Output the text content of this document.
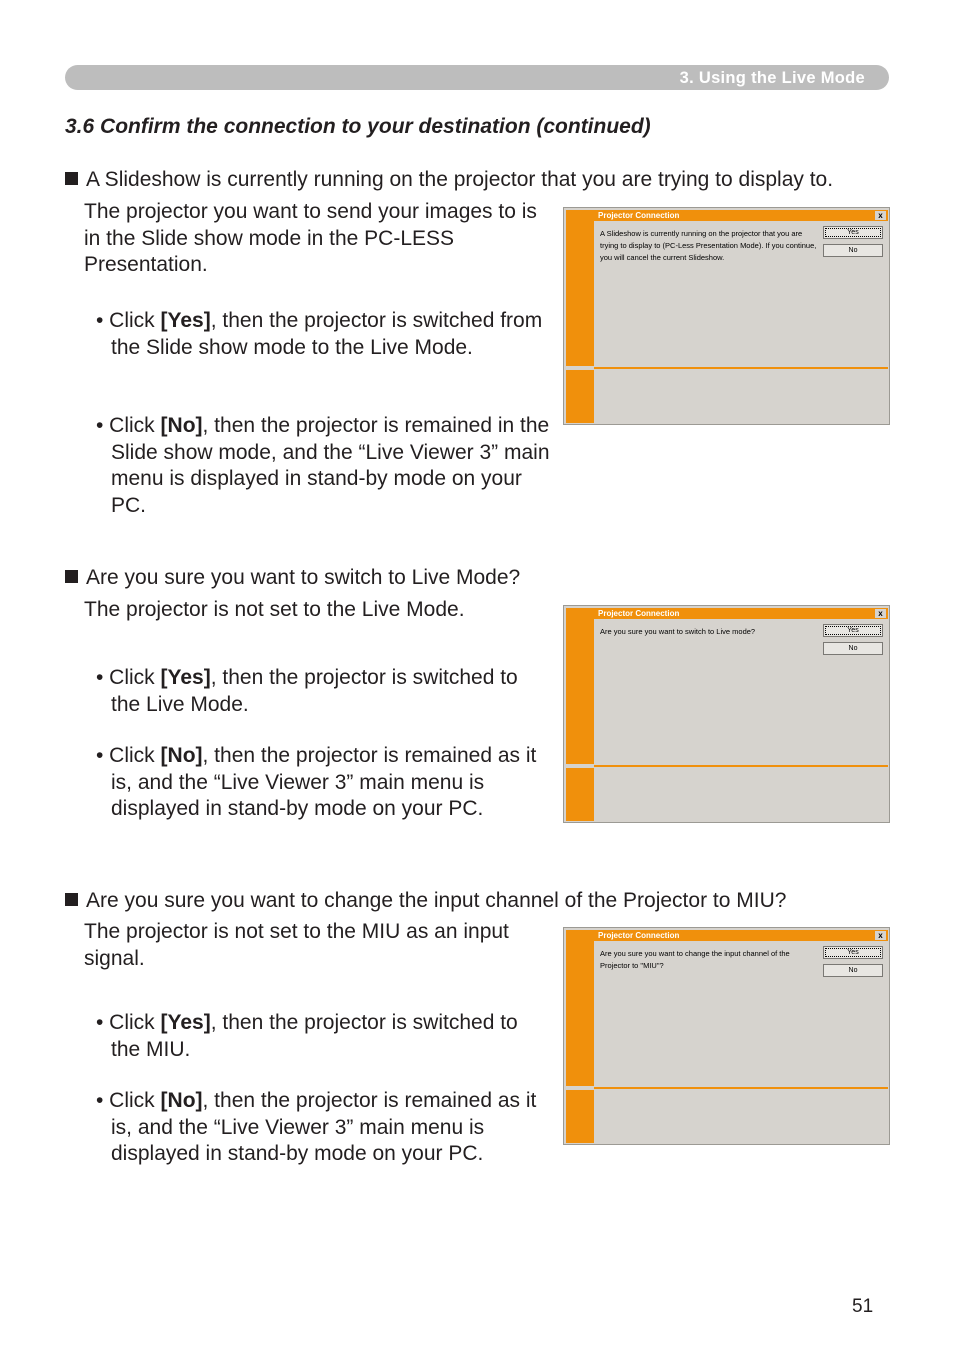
3. Using the Live Mode
3.6 Confirm the connection to your destination (continued)

A Slideshow is currently running on the projector that you are trying to display to.

The projector you want to send your images to is in the Slide show mode in the PC-LESS Presentation.

• Click [Yes], then the projector is switched from the Slide show mode to the Live Mode.

• Click [No], then the projector is remained in the Slide show mode, and the “Live Viewer 3” main menu is displayed in stand-by mode on your PC.

Projector Connection	x
A Slideshow is currently running on the projector that you are trying to display to (PC-Less Presentation Mode). If you continue, you will cancel the current Slideshow.
Yes
No

Are you sure you want to switch to Live Mode?

The projector is not set to the Live Mode.

• Click [Yes], then the projector is switched to the Live Mode.

• Click [No], then the projector is remained as it is, and the “Live Viewer 3” main menu is displayed in stand-by mode on your PC.

Projector Connection	x
Are you sure you want to switch to Live mode?	Yes
No

Are you sure you want to change the input channel of the Projector to MIU?

The projector is not set to the MIU as an input signal.

• Click [Yes], then the projector is switched to the MIU.

• Click [No], then the projector is remained as it is, and the “Live Viewer 3” main menu is displayed in stand-by mode on your PC.

Projector Connection	x
Are you sure you want to change the input channel of the Projector to "MIU"?
Yes
No

51
